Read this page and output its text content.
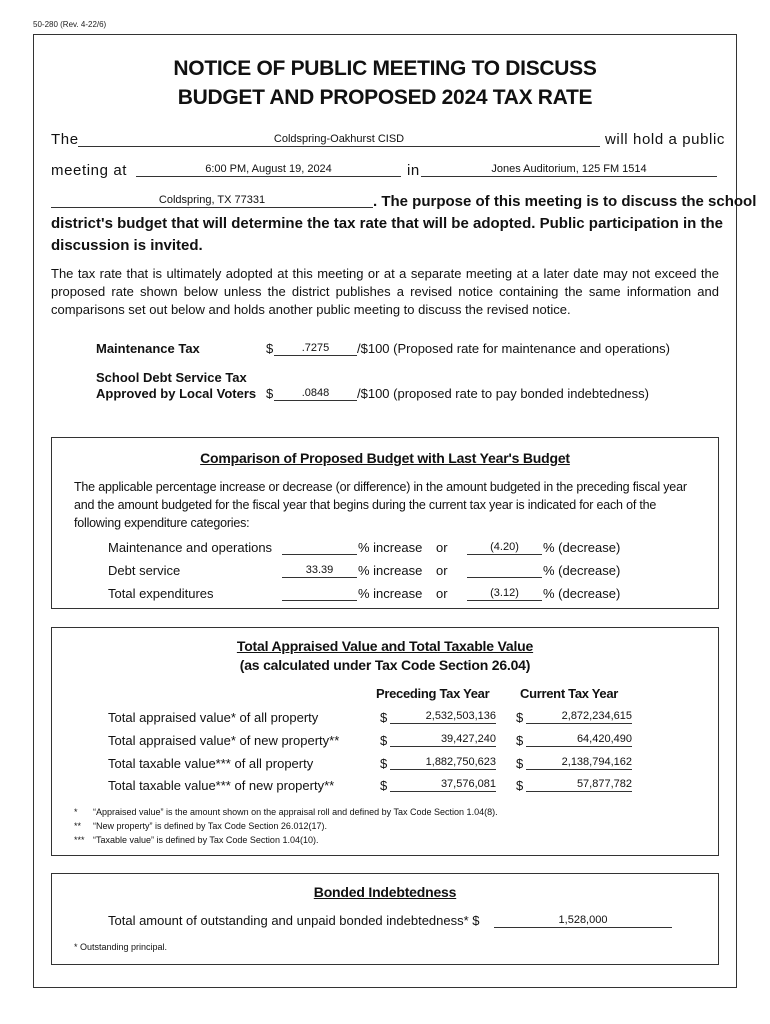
50-280 (Rev. 4-22/6)
NOTICE OF PUBLIC MEETING TO DISCUSS
BUDGET AND PROPOSED 2024 TAX RATE
The	Coldspring-Oakhurst CISD	will hold a public
meeting at	6:00 PM, August 19, 2024	in	Jones Auditorium, 125 FM 1514
Coldspring, TX 77331	. The purpose of this meeting is to discuss the school
district's budget that will determine the tax rate that will be adopted. Public participation in the
discussion is invited.
The tax rate that is ultimately adopted at this meeting or at a separate meeting at a later date may not exceed the proposed rate shown below unless the district publishes a revised notice containing the same information and comparisons set out below and holds another public meeting to discuss the revised notice.
Maintenance Tax	$	.7275	/$100 (Proposed rate for maintenance and operations)
School Debt Service Tax
Approved by Local Voters $	.0848	/$100 (proposed rate to pay bonded indebtedness)
Comparison of Proposed Budget with Last Year's Budget
The applicable percentage increase or decrease (or difference) in the amount budgeted in the preceding fiscal year and the amount budgeted for the fiscal year that begins during the current tax year is indicated for each of the following expenditure categories:
Maintenance and operations	% increase or	(4.20)	% (decrease)
Debt service	33.39	% increase or	% (decrease)
Total expenditures	% increase or	(3.12)	% (decrease)
Total Appraised Value and Total Taxable Value
(as calculated under Tax Code Section 26.04)
Preceding Tax Year Current Tax Year
Total appraised value* of all property	$	2,532,503,136 $	2,872,234,615
Total appraised value* of new property**	$	39,427,240 $	64,420,490
Total taxable value*** of all property	$	1,882,750,623 $	2,138,794,162
Total taxable value*** of new property**	$	37,576,081 $	57,877,782
* “Appraised value” is the amount shown on the appraisal roll and defined by Tax Code Section 1.04(8).
** “New property” is defined by Tax Code Section 26.012(17).
*** “Taxable value” is defined by Tax Code Section 1.04(10).
Bonded Indebtedness
Total amount of outstanding and unpaid bonded indebtedness* $	1,528,000
* Outstanding principal.
